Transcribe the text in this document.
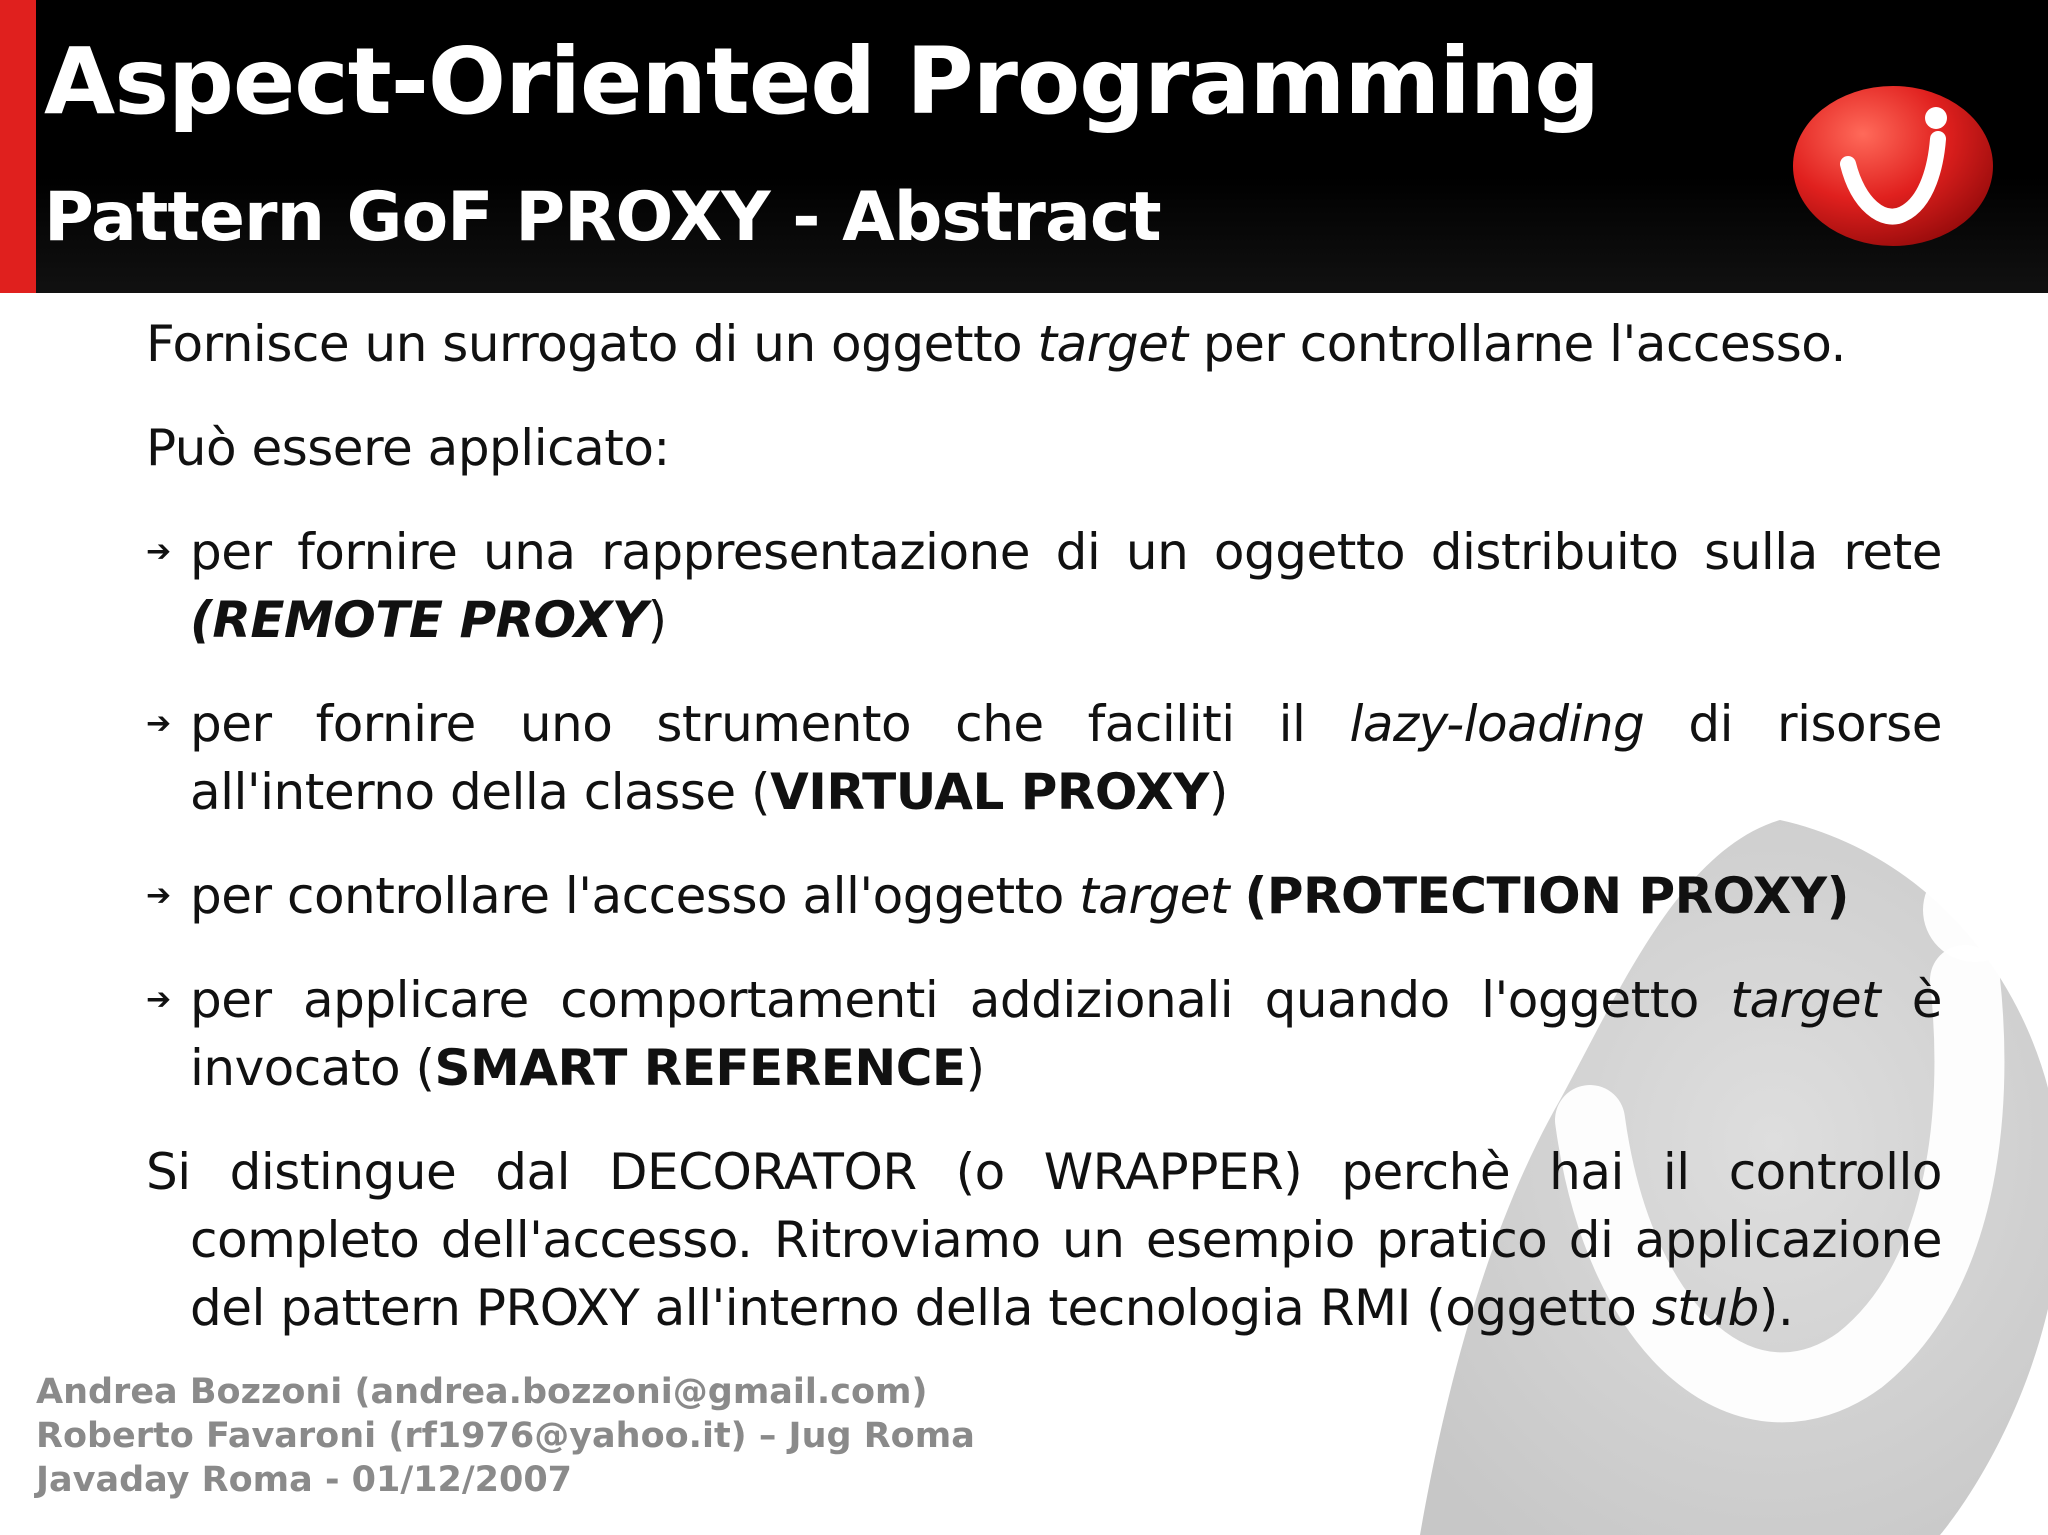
Aspect-Oriented Programming
Pattern GoF PROXY - Abstract

Fornisce un surrogato di un oggetto target per controllarne l'accesso.

Può essere applicato:

➔ per fornire una rappresentazione di un oggetto distribuito sulla rete (REMOTE PROXY)
➔ per fornire uno strumento che faciliti il lazy-loading di risorse all'interno della classe (VIRTUAL PROXY)
➔ per controllare l'accesso all'oggetto target (PROTECTION PROXY)
➔ per applicare comportamenti addizionali quando l'oggetto target è invocato (SMART REFERENCE)

Si distingue dal DECORATOR (o WRAPPER) perchè hai il controllo completo dell'accesso. Ritroviamo un esempio pratico di applicazione del pattern PROXY all'interno della tecnologia RMI (oggetto stub).

Andrea Bozzoni (andrea.bozzoni@gmail.com)
Roberto Favaroni (rf1976@yahoo.it) – Jug Roma
Javaday Roma - 01/12/2007
